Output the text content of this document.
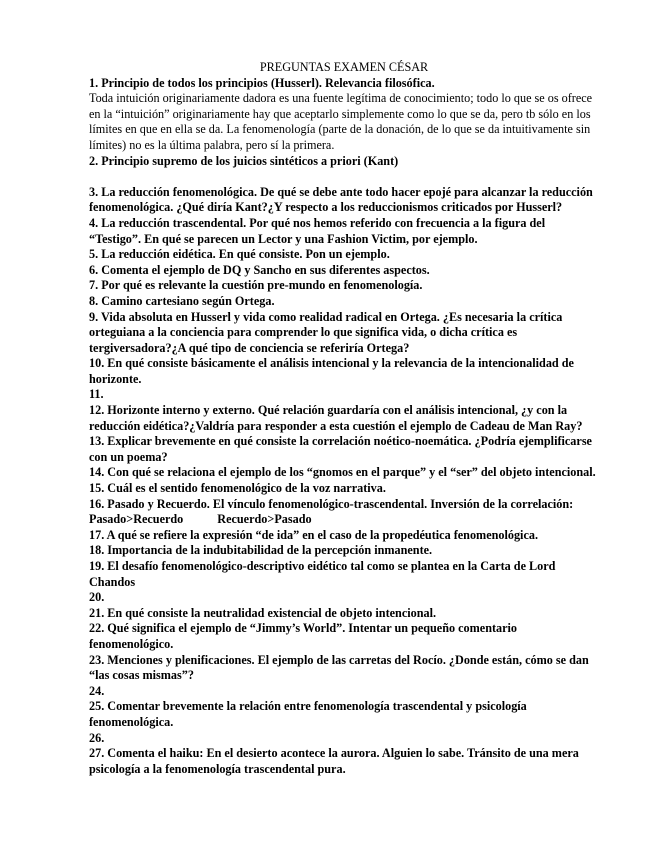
PREGUNTAS EXAMEN CÉSAR

1. Principio de todos los principios (Husserl). Relevancia filosófica.

Toda intuición originariamente dadora es una fuente legítima de conocimiento; todo lo que se os ofrece en la “intuición” originariamente hay que aceptarlo simplemente como lo que se da, pero tb sólo en los límites en que en ella se da. La fenomenología (parte de la donación, de lo que se da intuitivamente sin límites) no es la última palabra, pero sí la primera.

2. Principio supremo de los juicios sintéticos a priori (Kant)

3. La reducción fenomenológica. De qué se debe ante todo hacer epojé para alcanzar la reducción fenomenológica. ¿Qué diría Kant?¿Y respecto a los reduccionismos criticados por Husserl?

4. La reducción trascendental. Por qué nos hemos referido con frecuencia a la figura del “Testigo”. En qué se parecen un Lector y una Fashion Victim, por ejemplo.

5. La reducción eidética. En qué consiste. Pon un ejemplo.

6. Comenta el ejemplo de DQ y Sancho en sus diferentes aspectos.

7. Por qué es relevante la cuestión pre-mundo en fenomenología.

8. Camino cartesiano según Ortega.

9. Vida absoluta en Husserl y vida como realidad radical en Ortega. ¿Es necesaria la crítica orteguiana a la conciencia para comprender lo que significa vida, o dicha crítica es tergiversadora?¿A qué tipo de conciencia se referiría Ortega?

10. En qué consiste básicamente el análisis intencional y la relevancia de la intencionalidad de horizonte.

11.

12. Horizonte interno y externo. Qué relación guardaría con el análisis intencional, ¿y con la reducción eidética?¿Valdría para responder a esta cuestión el ejemplo de Cadeau de Man Ray?

13. Explicar brevemente en qué consiste la correlación noético-noemática. ¿Podría ejemplificarse con un poema?

14. Con qué se relaciona el ejemplo de los “gnomos en el parque” y el “ser” del objeto intencional.

15. Cuál es el sentido fenomenológico de la voz narrativa.

16. Pasado y Recuerdo. El vínculo fenomenológico-trascendental. Inversión de la correlación:

Pasado>Recuerdo	Recuerdo>Pasado

17. A qué se refiere la expresión “de ida” en el caso de la propedéutica fenomenológica.

18. Importancia de la indubitabilidad de la percepción inmanente.

19. El desafío fenomenológico-descriptivo eidético tal como se plantea en la Carta de Lord Chandos

20.

21. En qué consiste la neutralidad existencial de objeto intencional.

22. Qué significa el ejemplo de “Jimmy’s World”. Intentar un pequeño comentario fenomenológico.

23. Menciones y plenificaciones. El ejemplo de las carretas del Rocío. ¿Donde están, cómo se dan “las cosas mismas”?

24.

25. Comentar brevemente la relación entre fenomenología trascendental y psicología fenomenológica.

26.

27. Comenta el haiku: En el desierto acontece la aurora. Alguien lo sabe. Tránsito de una mera psicología a la fenomenología trascendental pura.
